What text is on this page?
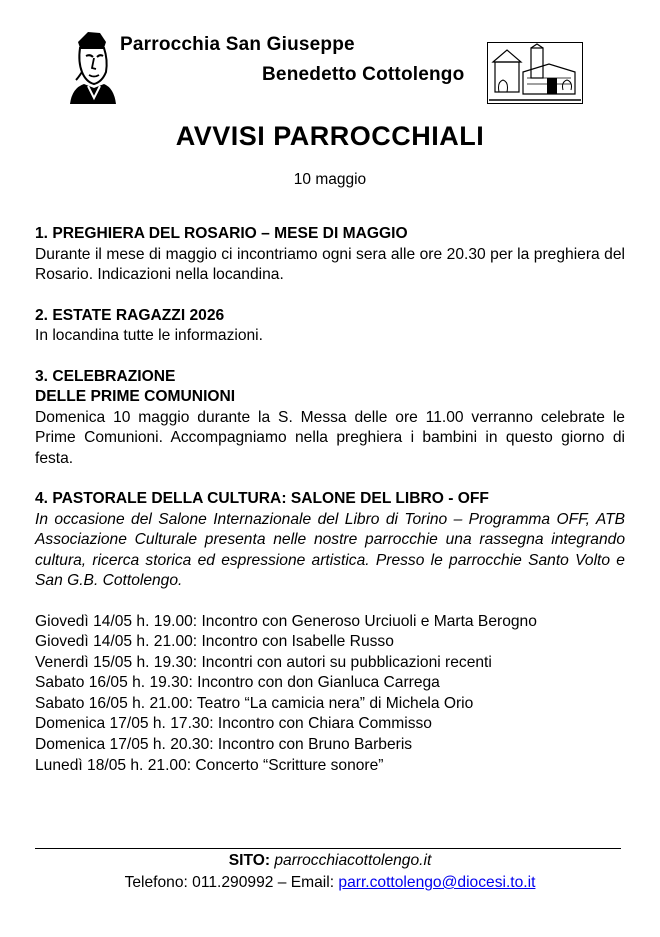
Parrocchia San Giuseppe
Benedetto Cottolengo
AVVISI PARROCCHIALI
10 maggio
1. PREGHIERA DEL ROSARIO – MESE DI MAGGIO

Durante il mese di maggio ci incontriamo ogni sera alle ore 20.30 per la preghiera del Rosario. Indicazioni nella locandina.

2. ESTATE RAGAZZI 2026

In locandina tutte le informazioni.

3. CELEBRAZIONE
DELLE PRIME COMUNIONI

Domenica 10 maggio durante la S. Messa delle ore 11.00 verranno celebrate le Prime Comunioni. Accompagniamo nella preghiera i bambini in questo giorno di festa.

4. PASTORALE DELLA CULTURA: SALONE DEL LIBRO - OFF

In occasione del Salone Internazionale del Libro di Torino – Programma OFF, ATB Associazione Culturale presenta nelle nostre parrocchie una rassegna integrando cultura, ricerca storica ed espressione artistica. Presso le parrocchie Santo Volto e San G.B. Cottolengo.

Giovedì 14/05 h. 19.00: Incontro con Generoso Urciuoli e Marta Berogno
Giovedì 14/05 h. 21.00: Incontro con Isabelle Russo
Venerdì 15/05 h. 19.30: Incontri con autori su pubblicazioni recenti
Sabato 16/05 h. 19.30: Incontro con don Gianluca Carrega
Sabato 16/05 h. 21.00: Teatro “La camicia nera” di Michela Orio
Domenica 17/05 h. 17.30: Incontro con Chiara Commisso
Domenica 17/05 h. 20.30: Incontro con Bruno Barberis
Lunedì 18/05 h. 21.00: Concerto “Scritture sonore”
SITO: parrocchiacottolengo.it
Telefono: 011.290992 – Email: parr.cottolengo@diocesi.to.it
